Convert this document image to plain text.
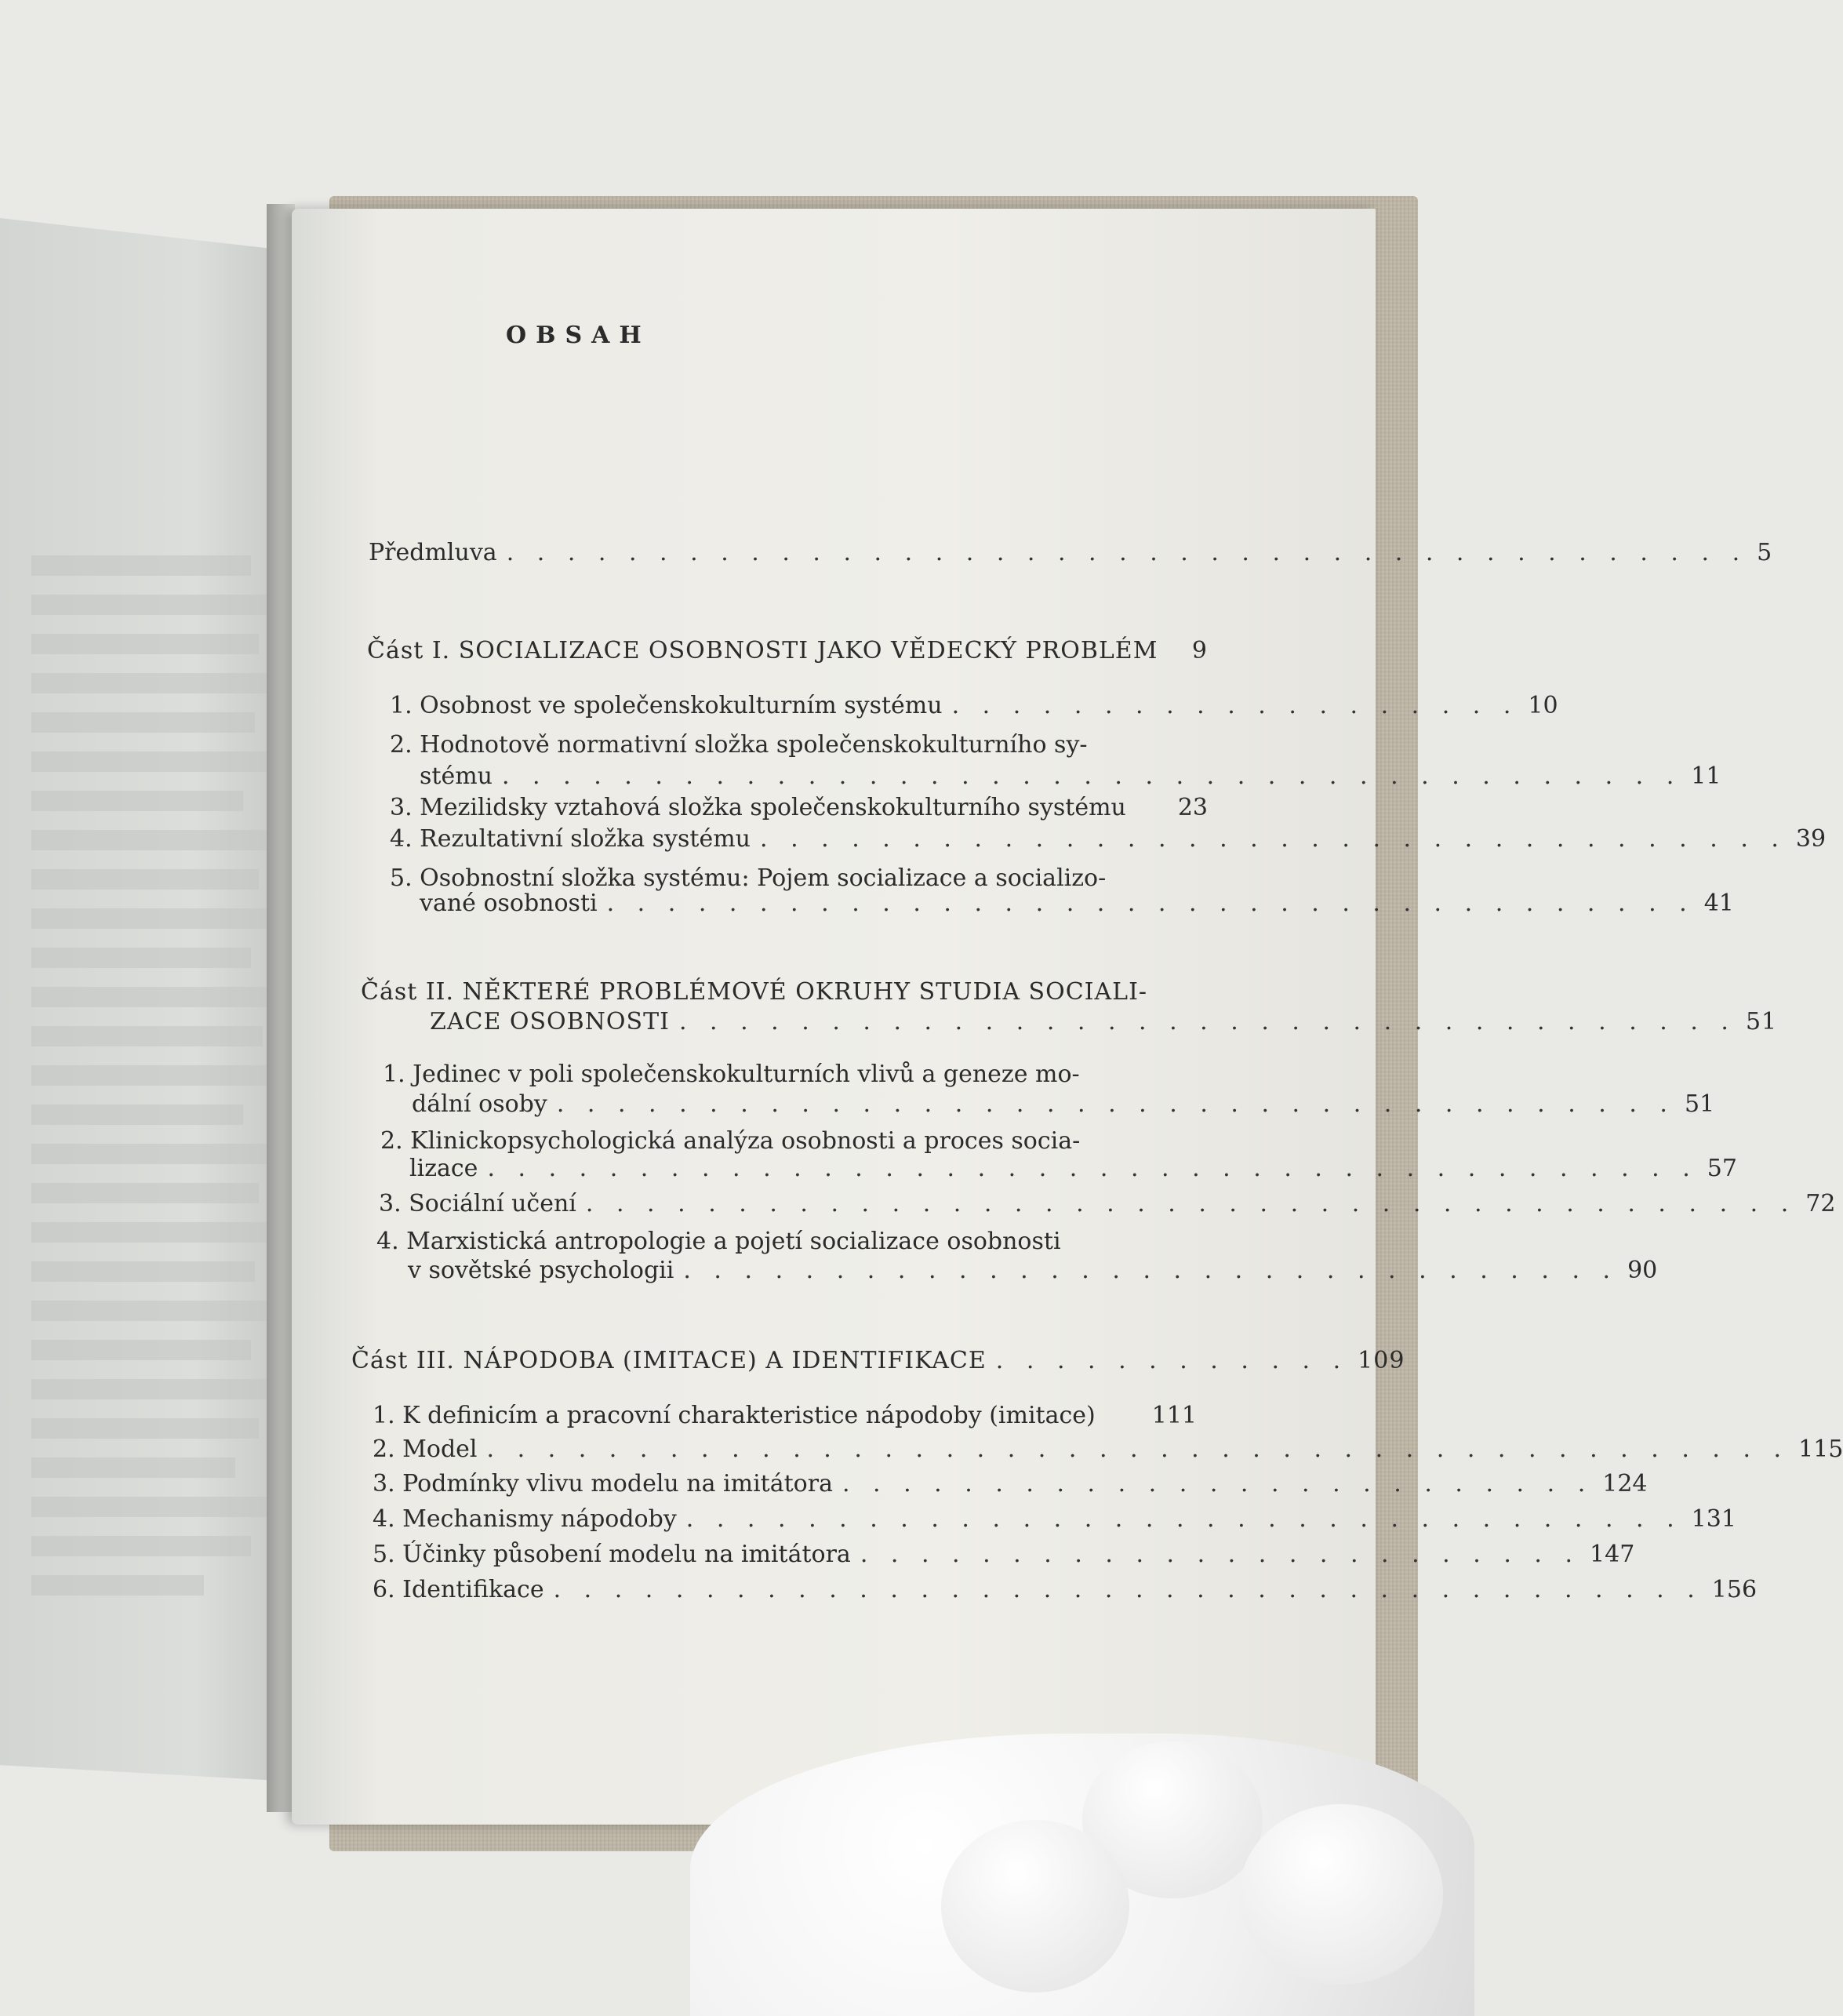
OBSAH
Předmluva . . . . . . . . . . . . . . . . . . . . . . . . . . . . . . . . . . . . . . . . . 5
Část I. SOCIALIZACE OSOBNOSTI JAKO VĚDECKÝ PROBLÉM	9
1. Osobnost ve společenskokulturním systému . . . . . . . . . . . . . . . . . . . 10
2. Hodnotově normativní složka společenskokulturního sy-
stému . . . . . . . . . . . . . . . . . . . . . . . . . . . . . . . . . . . . . . . 11
3. Mezilidsky vztahová složka společenskokulturního systému	23
4. Rezultativní složka systému . . . . . . . . . . . . . . . . . . . . . . . . . . . . . . . . . . 39
5. Osobnostní složka systému: Pojem socializace a socializo-
vané osobnosti . . . . . . . . . . . . . . . . . . . . . . . . . . . . . . . . . . . . 41
Část II. NĚKTERÉ PROBLÉMOVÉ OKRUHY STUDIA SOCIALI-
ZACE OSOBNOSTI . . . . . . . . . . . . . . . . . . . . . . . . . . . . . . . . . . . 51
1. Jedinec v poli společenskokulturních vlivů a geneze mo-
dální osoby . . . . . . . . . . . . . . . . . . . . . . . . . . . . . . . . . . . . . 51
2. Klinickopsychologická analýza osobnosti a proces socia-
lizace . . . . . . . . . . . . . . . . . . . . . . . . . . . . . . . . . . . . . . . . 57
3. Sociální učení . . . . . . . . . . . . . . . . . . . . . . . . . . . . . . . . . . . . . . . . 72
4. Marxistická antropologie a pojetí socializace osobnosti
v sovětské psychologii . . . . . . . . . . . . . . . . . . . . . . . . . . . . . . . 90
Část III. NÁPODOBA (IMITACE) A IDENTIFIKACE . . . . . . . . . . . . 109
1. K definicím a pracovní charakteristice nápodoby (imitace)	111
2. Model . . . . . . . . . . . . . . . . . . . . . . . . . . . . . . . . . . . . . . . . . . . 115
3. Podmínky vlivu modelu na imitátora . . . . . . . . . . . . . . . . . . . . . . . . . 124
4. Mechanismy nápodoby . . . . . . . . . . . . . . . . . . . . . . . . . . . . . . . . . 131
5. Účinky působení modelu na imitátora . . . . . . . . . . . . . . . . . . . . . . . . 147
6. Identifikace . . . . . . . . . . . . . . . . . . . . . . . . . . . . . . . . . . . . . . 156
